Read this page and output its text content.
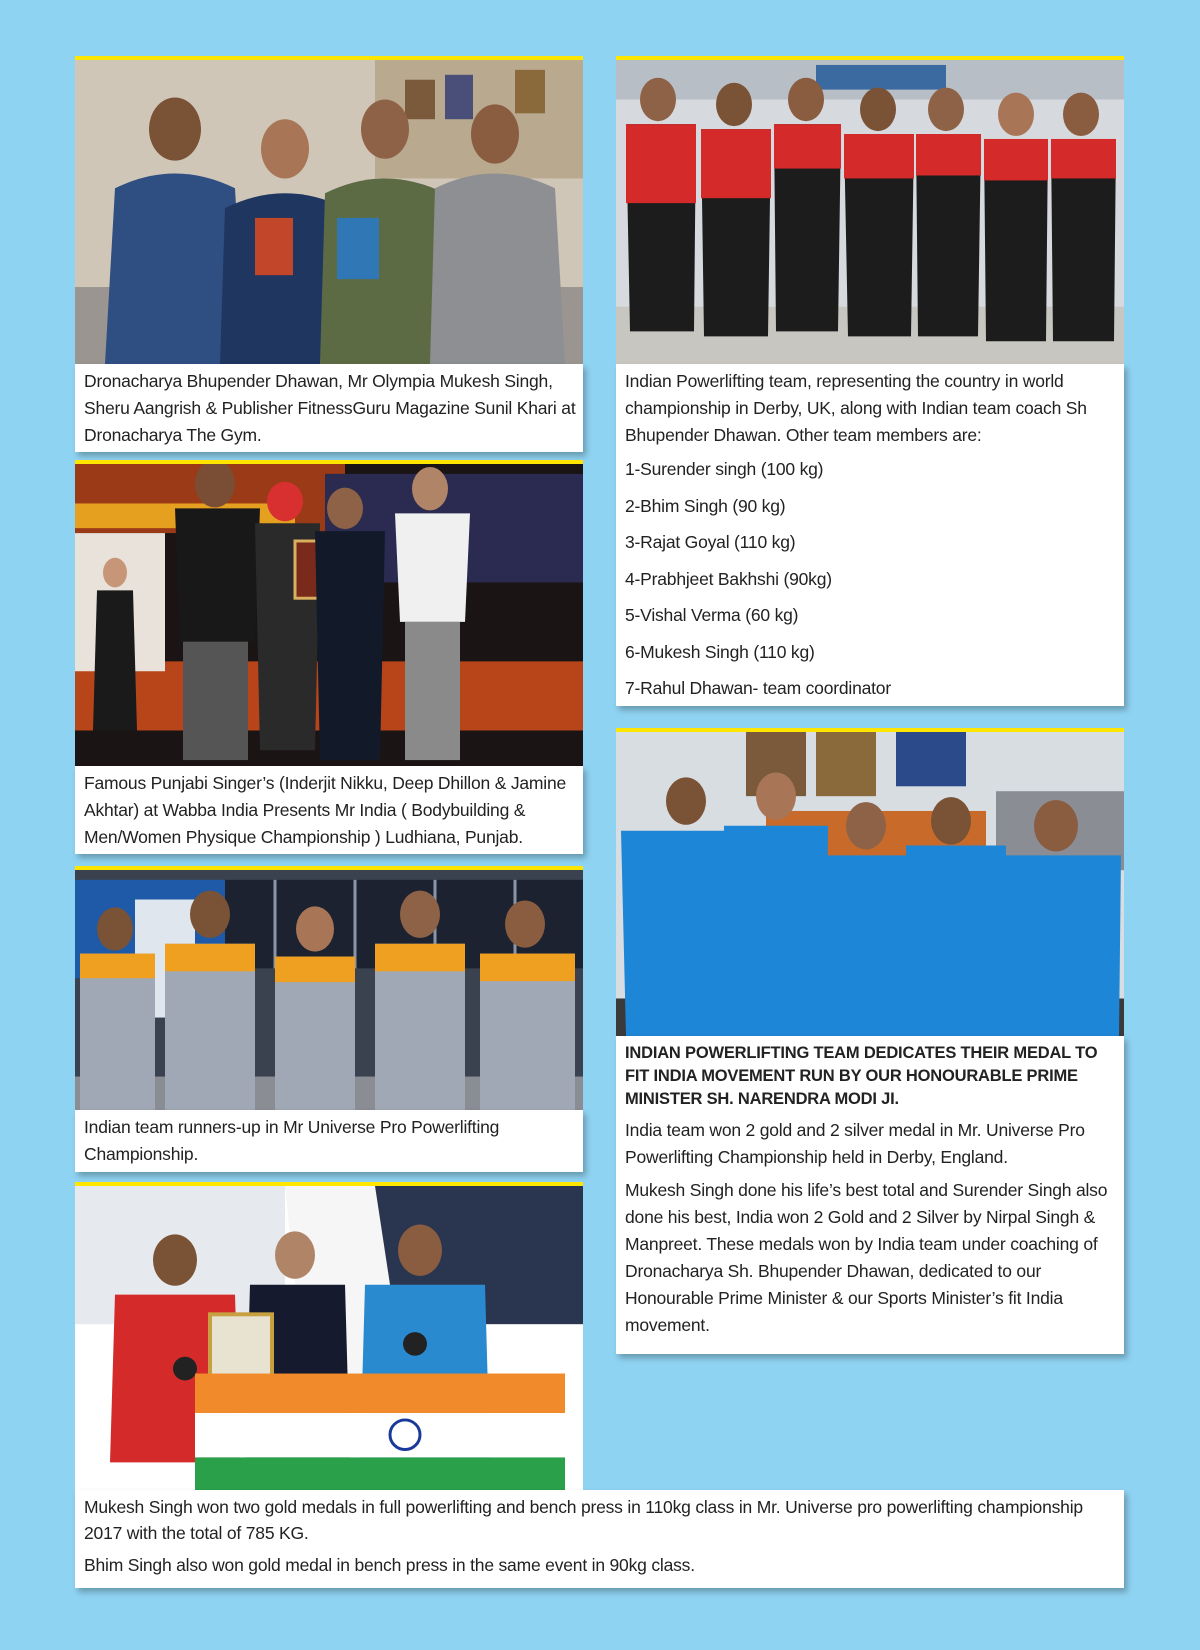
Dronacharya Bhupender Dhawan, Mr Olympia Mukesh Singh, Sheru Aangrish & Publisher FitnessGuru Magazine Sunil Khari at Dronacharya The Gym.
Famous Punjabi Singer’s (Inderjit Nikku, Deep Dhillon & Jamine Akhtar) at Wabba India Presents Mr India ( Bodybuilding & Men/Women Physique Championship ) Ludhiana, Punjab.
Indian team runners-up in Mr Universe Pro Powerlifting Championship.

Indian Powerlifting team, representing the country in world championship in Derby, UK, along with Indian team coach Sh Bhupender Dhawan. Other team members are:

1-Surender singh (100 kg)
2-Bhim Singh (90 kg)
3-Rajat Goyal (110 kg)
4-Prabhjeet Bakhshi (90kg)
5-Vishal Verma (60 kg)
6-Mukesh Singh (110 kg)
7-Rahul Dhawan- team coordinator
INDIAN POWERLIFTING TEAM DEDICATES THEIR MEDAL TO FIT INDIA MOVEMENT RUN BY OUR HONOURABLE PRIME MINISTER SH. NARENDRA MODI JI.

India team won 2 gold and 2 silver medal in Mr. Universe Pro Powerlifting Championship held in Derby, England.

Mukesh Singh done his life’s best total and Surender Singh also done his best, India won 2 Gold and 2 Silver by Nirpal Singh & Manpreet. These medals won by India team under coaching of Dronacharya Sh. Bhupender Dhawan, dedicated to our Honourable Prime Minister & our Sports Minister’s fit India movement.

Mukesh Singh won two gold medals in full powerlifting and bench press in 110kg class in Mr. Universe pro powerlifting championship 2017 with the total of 785 KG.

Bhim Singh also won gold medal in bench press in the same event in 90kg class.
